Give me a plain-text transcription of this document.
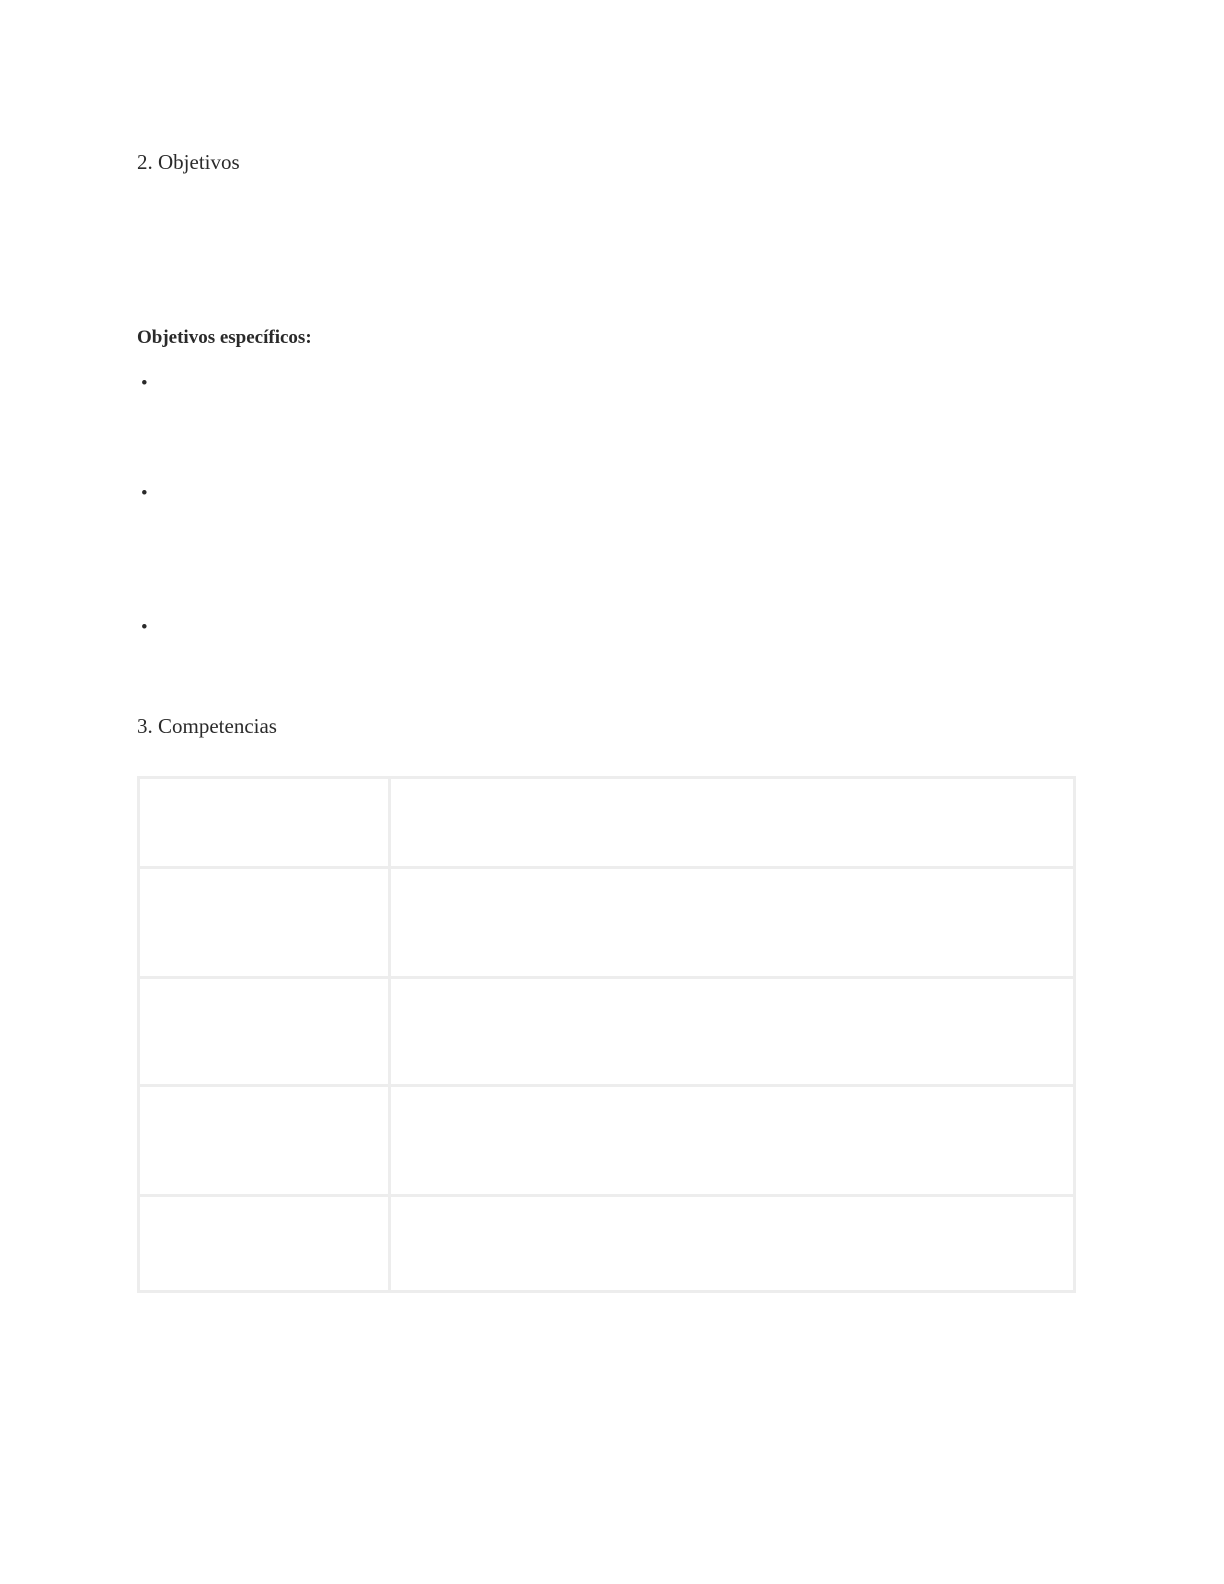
2. Objetivos

Objetivos específicos:
•
•
•
3. Competencias
